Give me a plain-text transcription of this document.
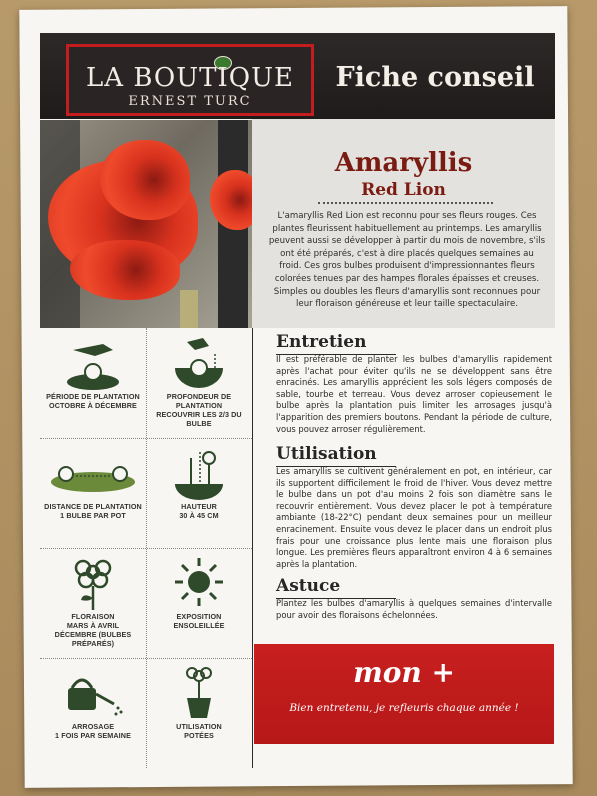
LA BOUTIQUE
ERNEST TURC
Fiche conseil
Amaryllis
Red Lion
L'amaryllis Red Lion est reconnu pour ses fleurs rouges. Ces plantes fleurissent habituellement au printemps. Les amaryllis peuvent aussi se développer à partir du mois de novembre, s'ils ont été préparés, c'est à dire placés quelques semaines au froid. Ces gros bulbes produisent d'impressionnantes fleurs colorées tenues par des hampes florales épaisses et creuses. Simples ou doubles les fleurs d'amaryllis sont reconnues pour leur floraison généreuse et leur taille spectaculaire.
PÉRIODE DE PLANTATION
OCTOBRE À DÉCEMBRE
PROFONDEUR DE PLANTATION
RECOUVRIR LES 2/3 DU BULBE
DISTANCE DE PLANTATION
1 BULBE PAR POT
HAUTEUR
30 À 45 CM
FLORAISON
MARS À AVRIL
DÉCEMBRE (BULBES PRÉPARÉS)
EXPOSITION
ENSOLEILLÉE
ARROSAGE
1 FOIS PAR SEMAINE
UTILISATION
POTÉES
Entretien
Il est préférable de planter les bulbes d'amaryllis rapidement après l'achat pour éviter qu'ils ne se développent sans être enracinés. Les amaryllis apprécient les sols légers composés de sable, tourbe et terreau. Vous devez arroser copieusement le bulbe après la plantation puis limiter les arrosages jusqu'à l'apparition des premiers boutons. Pendant la période de culture, vous pouvez arroser régulièrement.
Utilisation
Les amaryllis se cultivent généralement en pot, en intérieur, car ils supportent difficilement le froid de l'hiver. Vous devez mettre le bulbe dans un pot d'au moins 2 fois son diamètre sans le recouvrir entièrement. Vous devez placer le pot à température ambiante (18-22°C) pendant deux semaines pour un meilleur enracinement. Ensuite vous devez le placer dans un endroit plus frais pour une croissance plus lente mais une floraison plus longue. Les premières fleurs apparaîtront environ 4 à 6 semaines après la plantation.
Astuce
Plantez les bulbes d'amaryllis à quelques semaines d'intervalle pour avoir des floraisons échelonnées.
mon +
Bien entretenu, je refleuris chaque année !
